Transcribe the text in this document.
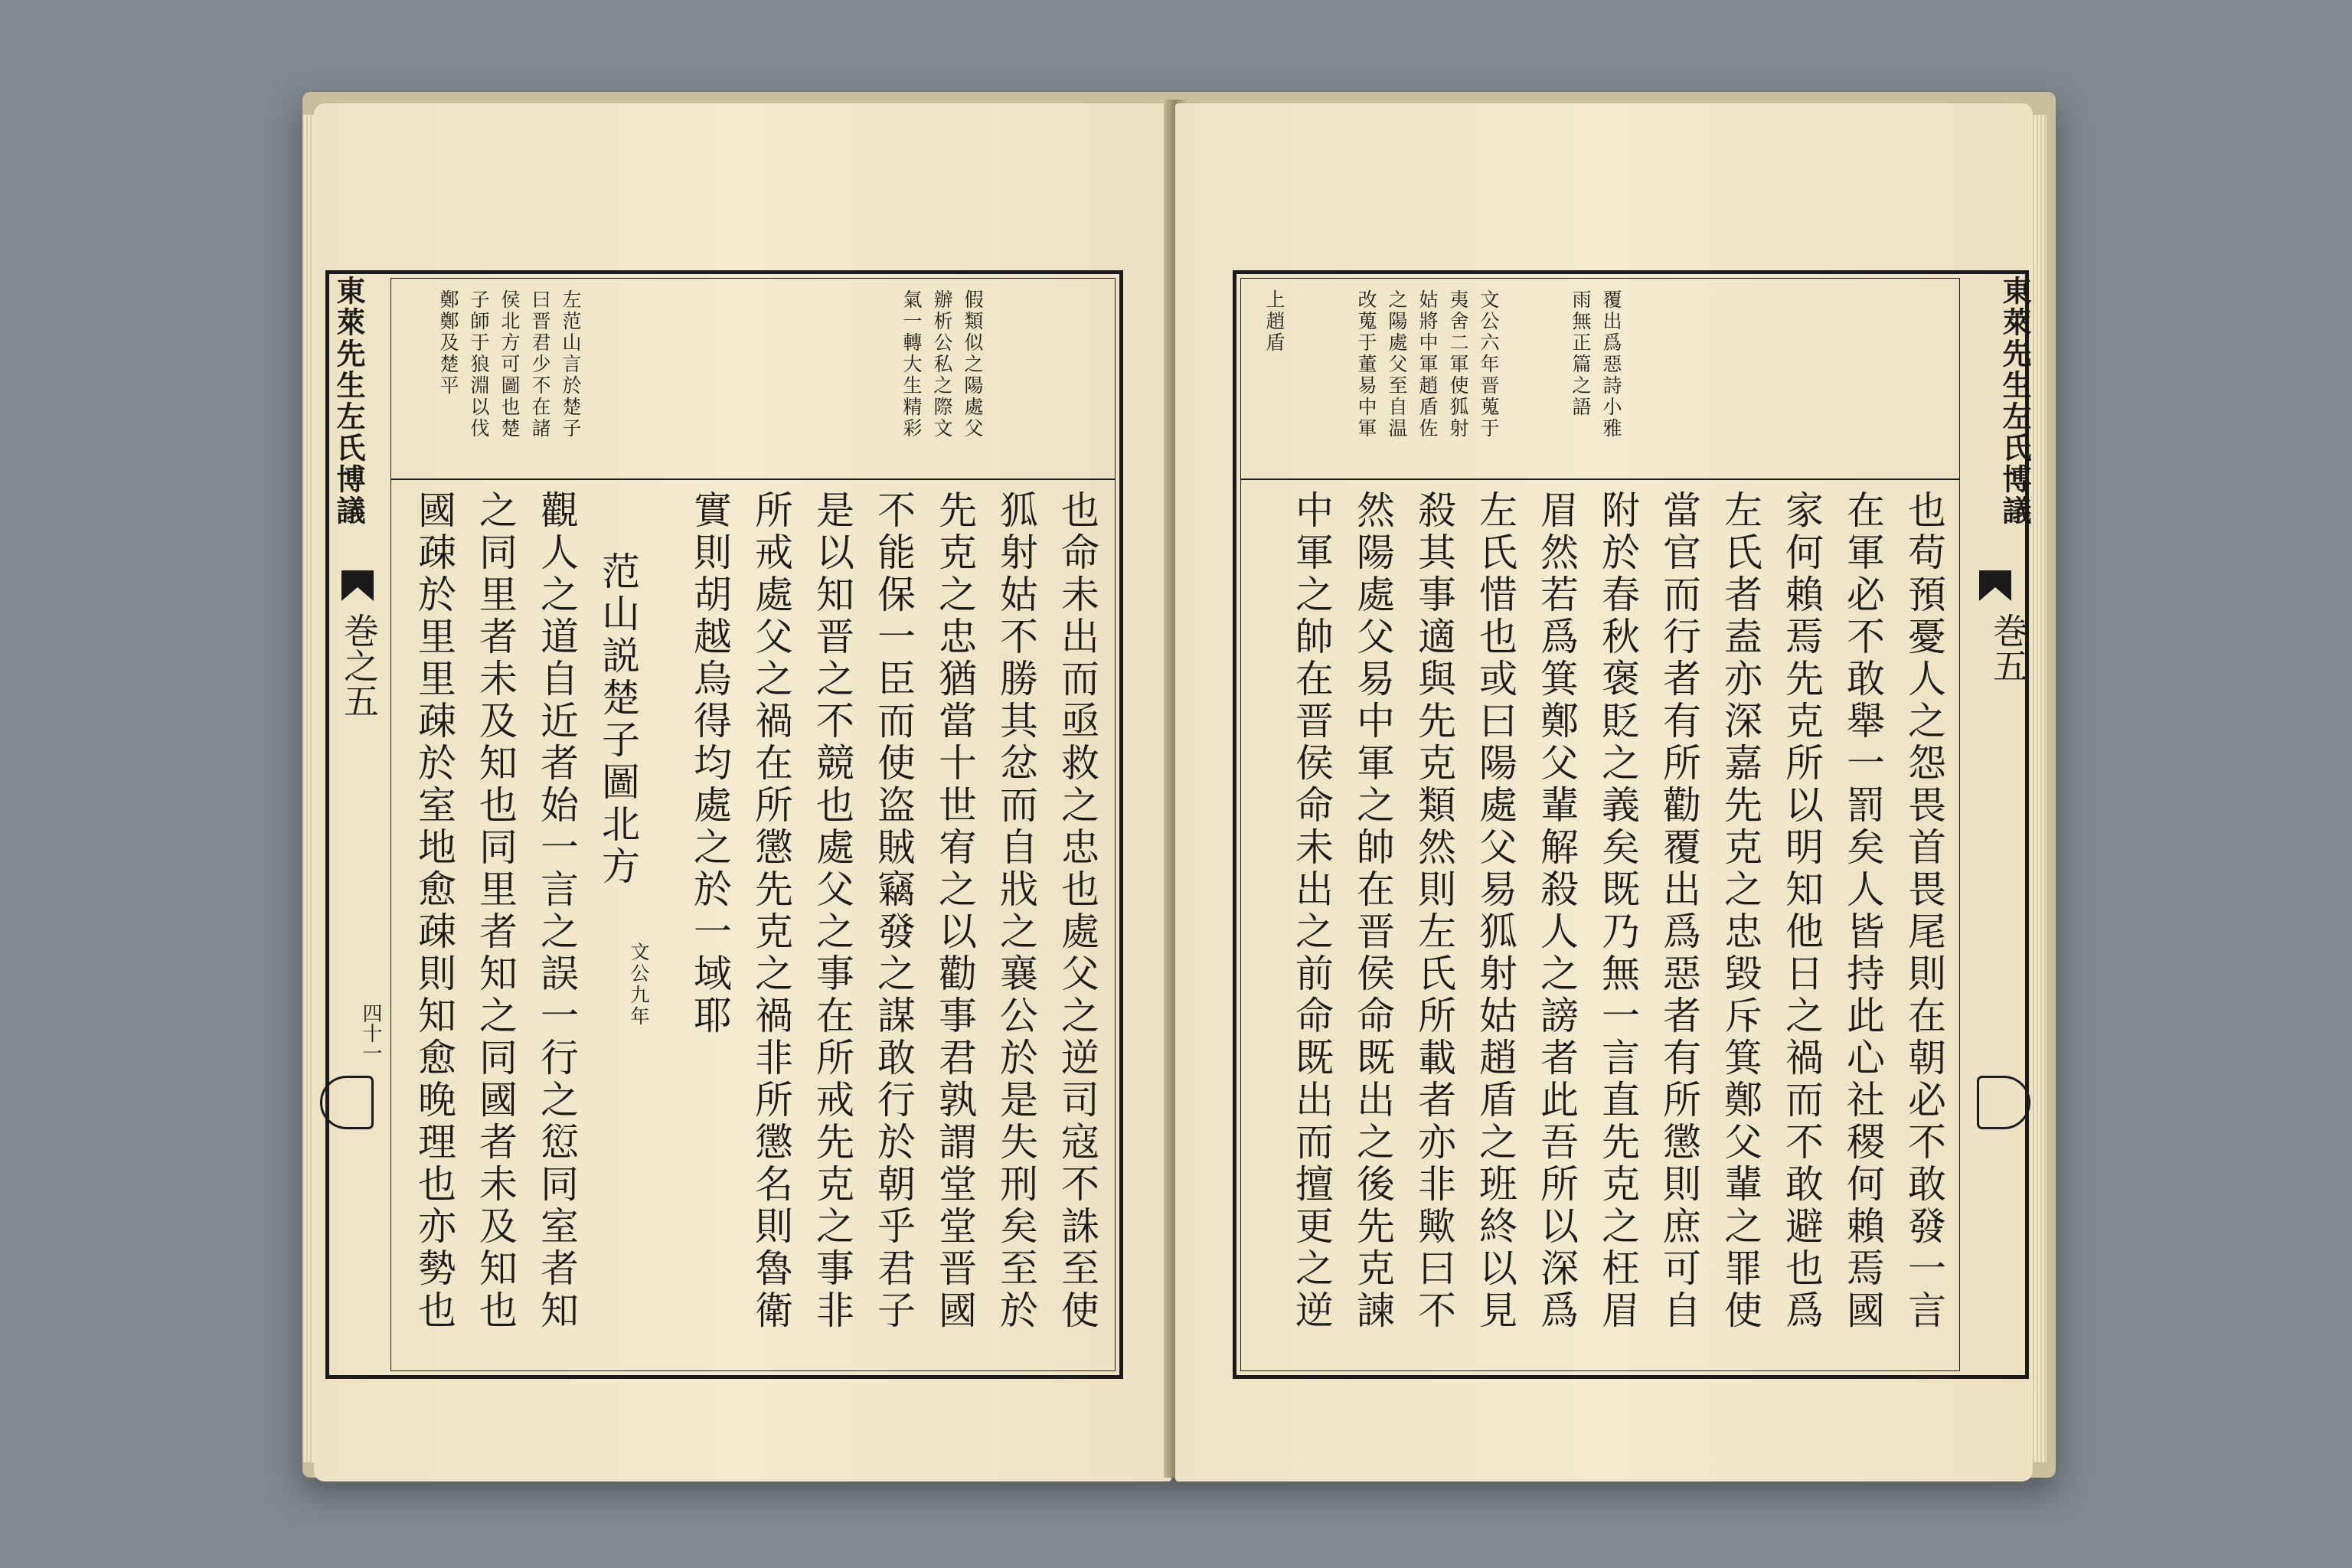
東萊先生左氏博議
巻之五
四十一
假類似之陽處父
辦析公私之際文
氣一轉大生精彩
左范山言於楚子
曰晋君少不在諸
侯北方可圖也楚
子師于狼淵以伐
鄭鄭及楚平
也命未出而亟救之忠也處父之逆司寇不誅至使
狐射姑不勝其忿而自戕之襄公於是失刑矣至於
先克之忠猶當十世宥之以勸事君孰謂堂堂晋國
不能保一臣而使盗賊竊發之謀敢行於朝乎君子
是以知晋之不競也處父之事在所戒先克之事非
所戒處父之禍在所懲先克之禍非所懲名則魯衛
實則胡越烏得均處之於一域耶
范山説楚子圖北方
文公九年
觀人之道自近者始一言之誤一行之愆同室者知
之同里者未及知也同里者知之同國者未及知也
國疎於里里疎於室地愈疎則知愈晚理也亦勢也
東萊先生左氏博議
巻五
覆出爲惡詩小雅
雨無正篇之語
文公六年晋蒐于
夷舍二軍使狐射
姑將中軍趙盾佐
之陽處父至自温
改蒐于董易中軍
上趙盾
也苟預憂人之怨畏首畏尾則在朝必不敢發一言
在軍必不敢舉一罰矣人皆持此心社稷何賴焉國
家何賴焉先克所以明知他日之禍而不敢避也爲
左氏者盍亦深嘉先克之忠毀斥箕鄭父輩之罪使
當官而行者有所勸覆出爲惡者有所懲則庶可自
附於春秋褒貶之義矣既乃無一言直先克之枉眉
眉然若爲箕鄭父輩解殺人之謗者此吾所以深爲
左氏惜也或曰陽處父易狐射姑趙盾之班終以見
殺其事適與先克類然則左氏所載者亦非歟曰不
然陽處父易中軍之帥在晋侯命既出之後先克諫
中軍之帥在晋侯命未出之前命既出而擅更之逆
